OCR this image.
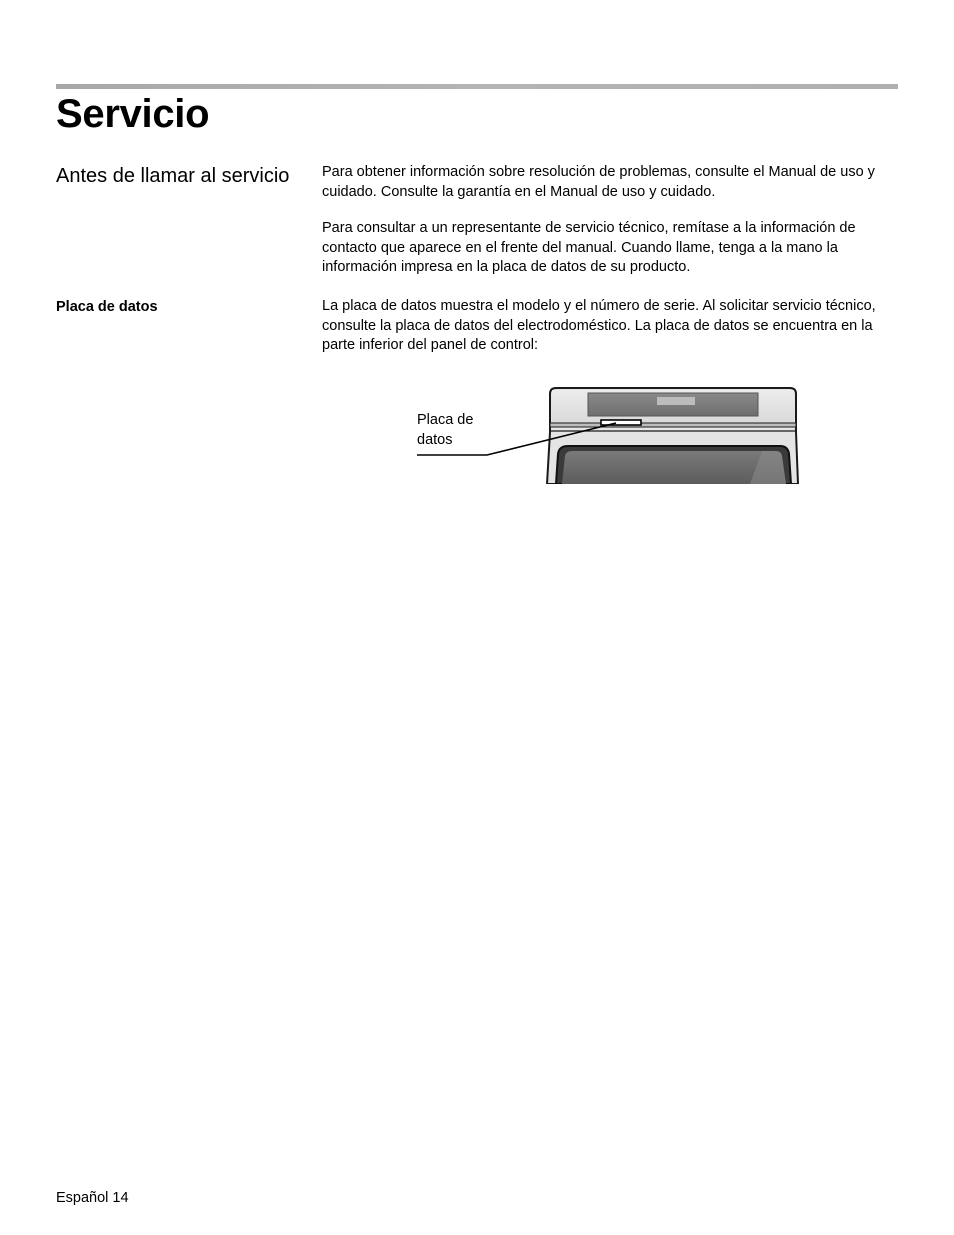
Servicio
Antes de llamar al servicio Para obtener información sobre resolución de problemas, consulte el Manual de uso y cuidado. Consulte la garantía en el Manual de uso y cuidado.

Para consultar a un representante de servicio técnico, remítase a la información de contacto que aparece en el frente del manual. Cuando llame, tenga a la mano la información impresa en la placa de datos de su producto.

Placa de datos	La placa de datos muestra el modelo y el número de serie. Al solicitar servicio técnico, consulte la placa de datos del electrodoméstico. La placa de datos se encuentra en la parte inferior del panel de control:

Placa de datos

Español 14
